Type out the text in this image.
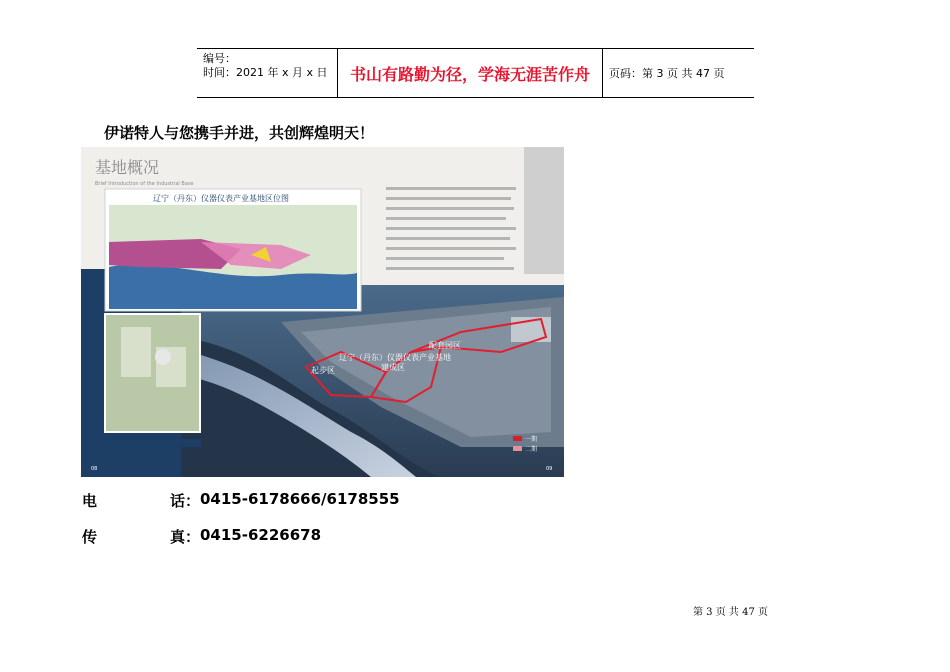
编号：
时间：2021 年 x 月 x 日	书山有路勤为径，学海无涯苦作舟	页码：第 3 页 共 47 页
伊诺特人与您携手并进，共创辉煌明天！
配套园区
辽宁（丹东）仪器仪表产业基地
起步区	建成区
一期
二期
辽宁（丹东）仪器仪表产业基地区位图
基地概况
Brief Introduction of the Industrial Base
08	09
电	话： 0415-6178666/6178555
传	真： 0415-6226678
第 3 页 共 47 页
